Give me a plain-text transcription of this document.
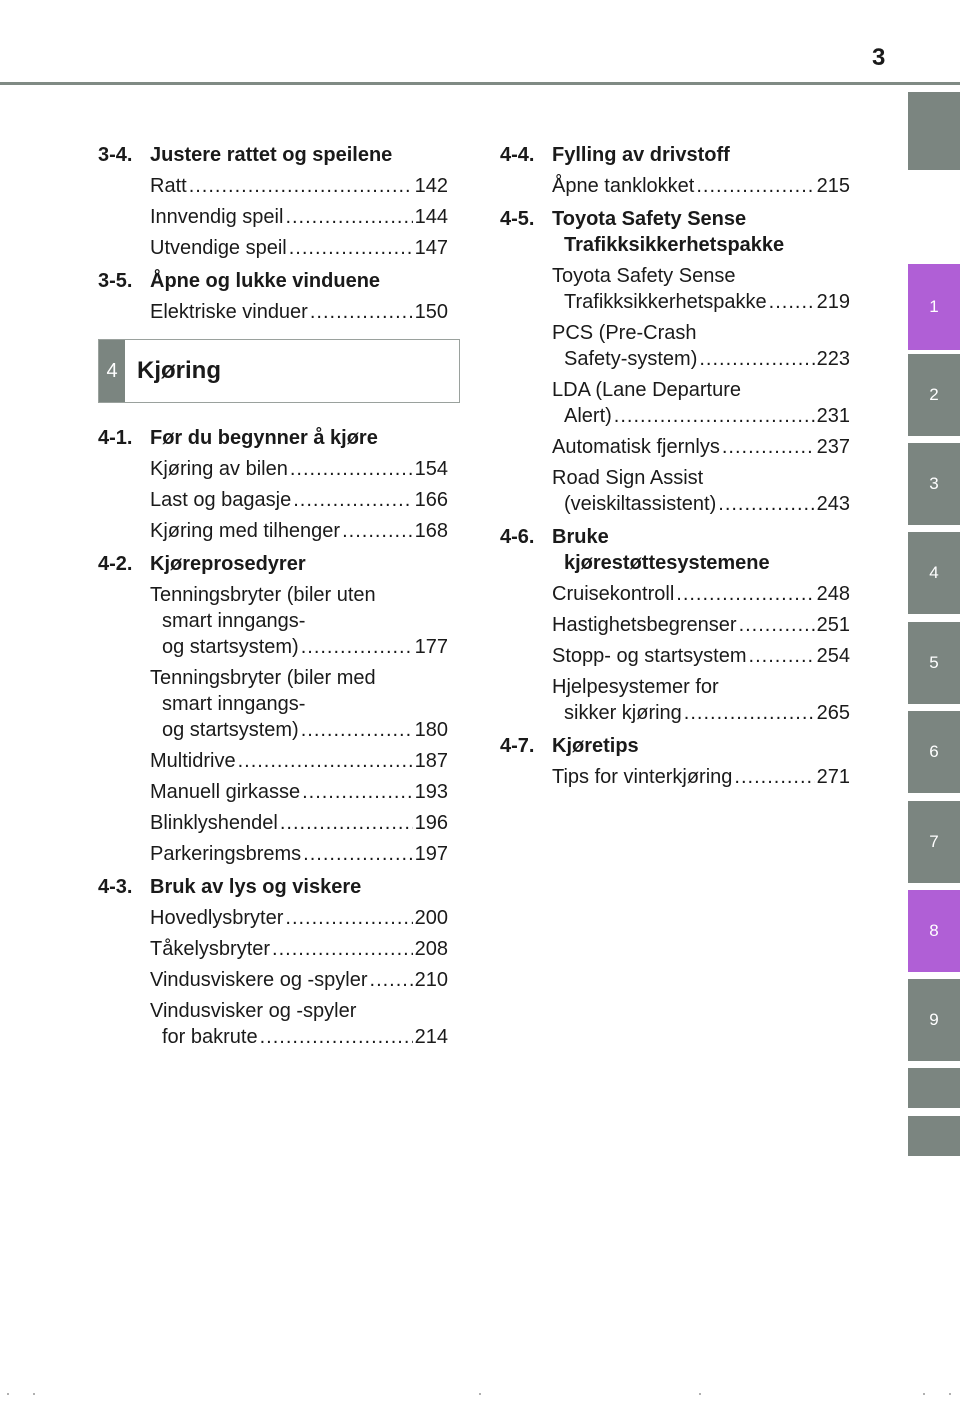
3
1
2
3
4
5
6
7
8
9
3-4. Justere rattet og speilene
Ratt .....	142
Innvendig speil .....	144
Utvendige speil .....	147
3-5. Åpne og lukke vinduene
Elektriske vinduer .....	150
4 Kjøring
4-1. Før du begynner å kjøre
Kjøring av bilen .....	154
Last og bagasje .....	166
Kjøring med tilhenger .....	168
4-2. Kjøreprosedyrer
Tenningsbryter (biler uten
smart inngangs-
og startsystem) .....	177
Tenningsbryter (biler med
smart inngangs-
og startsystem) .....	180
Multidrive .....	187
Manuell girkasse .....	193
Blinklyshendel .....	196
Parkeringsbrems .....	197
4-3. Bruk av lys og viskere
Hovedlysbryter .....	200
Tåkelysbryter .....	208
Vindusviskere og -spyler ..... 210
Vindusvisker og -spyler
for bakrute .....	214
4-4. Fylling av drivstoff
Åpne tanklokket .....	215
4-5. Toyota Safety Sense
Trafikksikkerhetspakke
Toyota Safety Sense
Trafikksikkerhetspakke ..... 219
PCS (Pre-Crash
Safety-system) .....	223
LDA (Lane Departure
Alert) .....	231
Automatisk fjernlys .....	237
Road Sign Assist
(veiskiltassistent) .....	243
4-6. Bruke
kjørestøttesystemene
Cruisekontroll .....	248
Hastighetsbegrenser .....	251
Stopp- og startsystem .....	254
Hjelpesystemer for
sikker kjøring .....	265
4-7. Kjøretips
Tips for vinterkjøring .....	271
